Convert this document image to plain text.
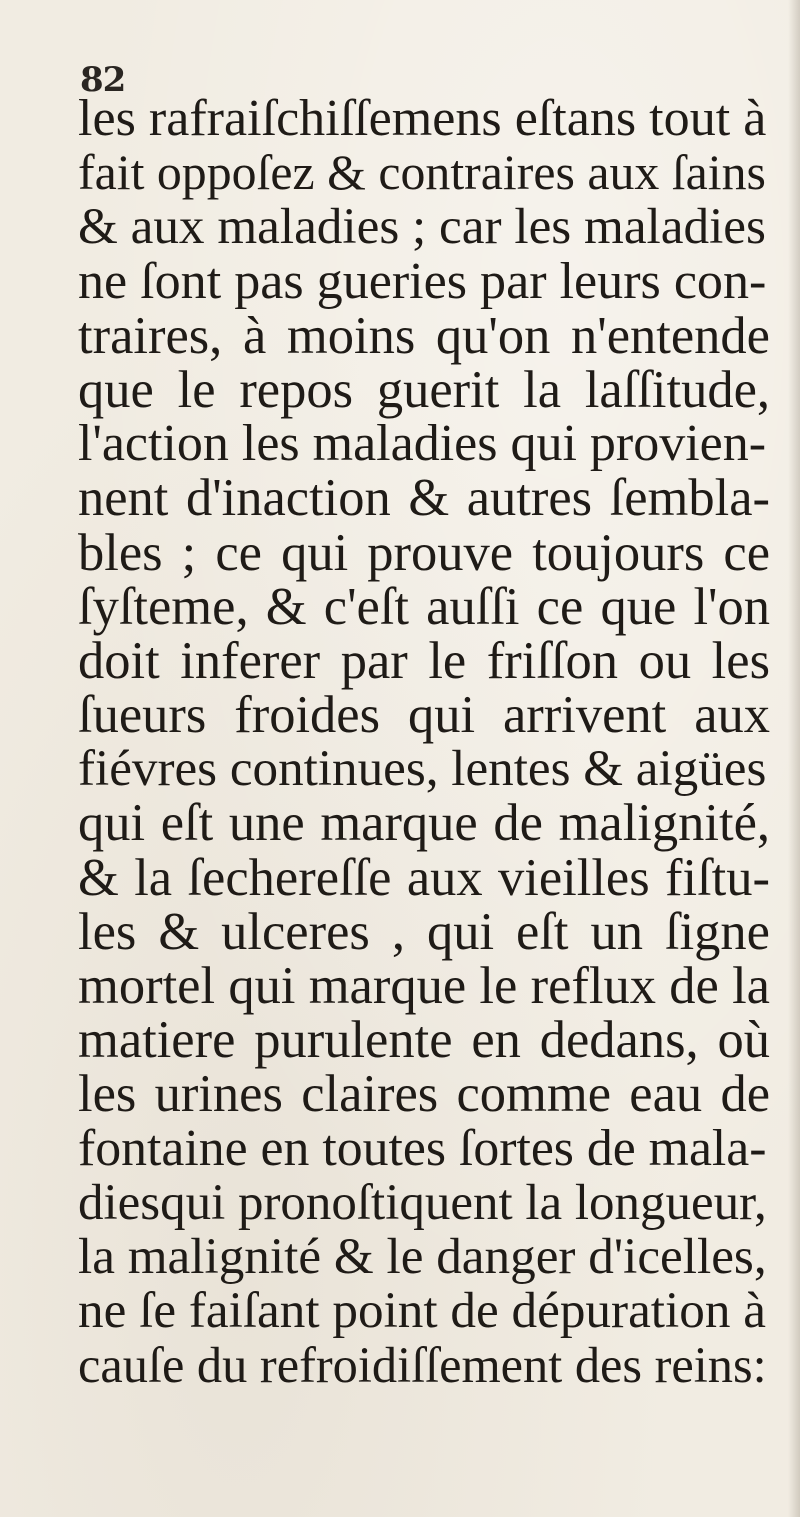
82
les rafraiſchiſſemens eſtans tout à
fait oppoſez & contraires aux ſains
& aux maladies ; car les maladies
ne ſont pas gueries par leurs con-
traires, à moins qu'on n'entende
que le repos guerit la laſſitude,
l'action les maladies qui provien-
nent d'inaction & autres ſembla-
bles ; ce qui prouve toujours ce
ſyſteme, & c'eſt auſſi ce que l'on
doit inferer par le friſſon ou les
ſueurs froides qui arrivent aux
fiévres continues, lentes & aigües
qui eſt une marque de malignité,
& la ſechereſſe aux vieilles fiſtu-
les & ulceres , qui eſt un ſigne
mortel qui marque le reflux de la
matiere purulente en dedans, où
les urines claires comme eau de
fontaine en toutes ſortes de mala-
diesqui pronoſtiquent la longueur,
la malignité & le danger d'icelles,
ne ſe faiſant point de dépuration à
cauſe du refroidiſſement des reins:
